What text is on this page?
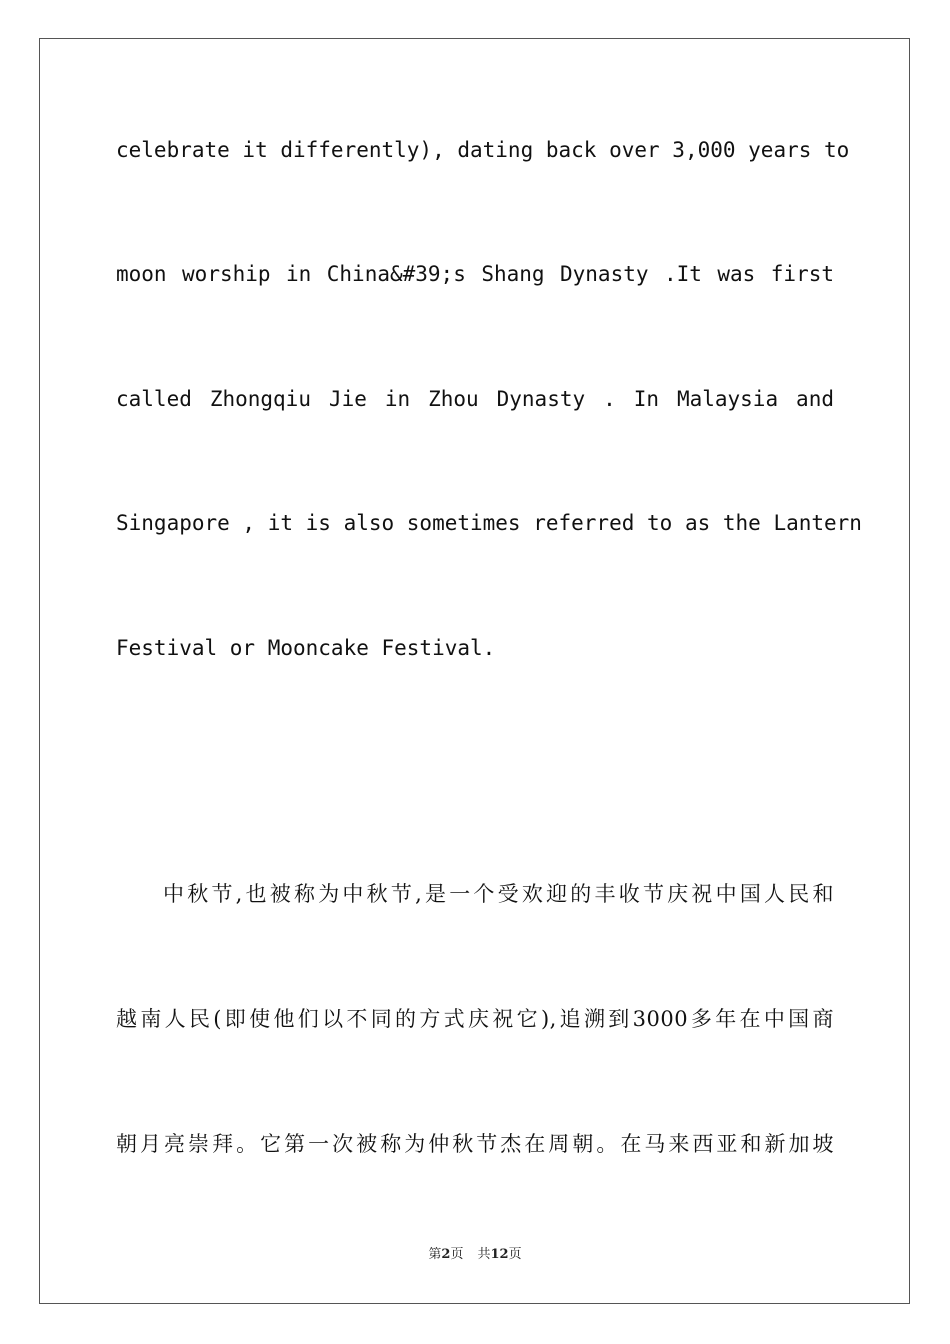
celebrate it differently), dating back over 3,000 years to
moon worship in China&#39;s Shang Dynasty .It was first
called Zhongqiu Jie in Zhou Dynasty . In Malaysia and
Singapore , it is also sometimes referred to as the Lantern
Festival or Mooncake Festival.
中秋节,也被称为中秋节,是一个受欢迎的丰收节庆祝中国人民和
越南人民(即使他们以不同的方式庆祝它),追溯到3000多年在中国商
朝月亮崇拜。它第一次被称为仲秋节杰在周朝。在马来西亚和新加坡
第2页 共12页
